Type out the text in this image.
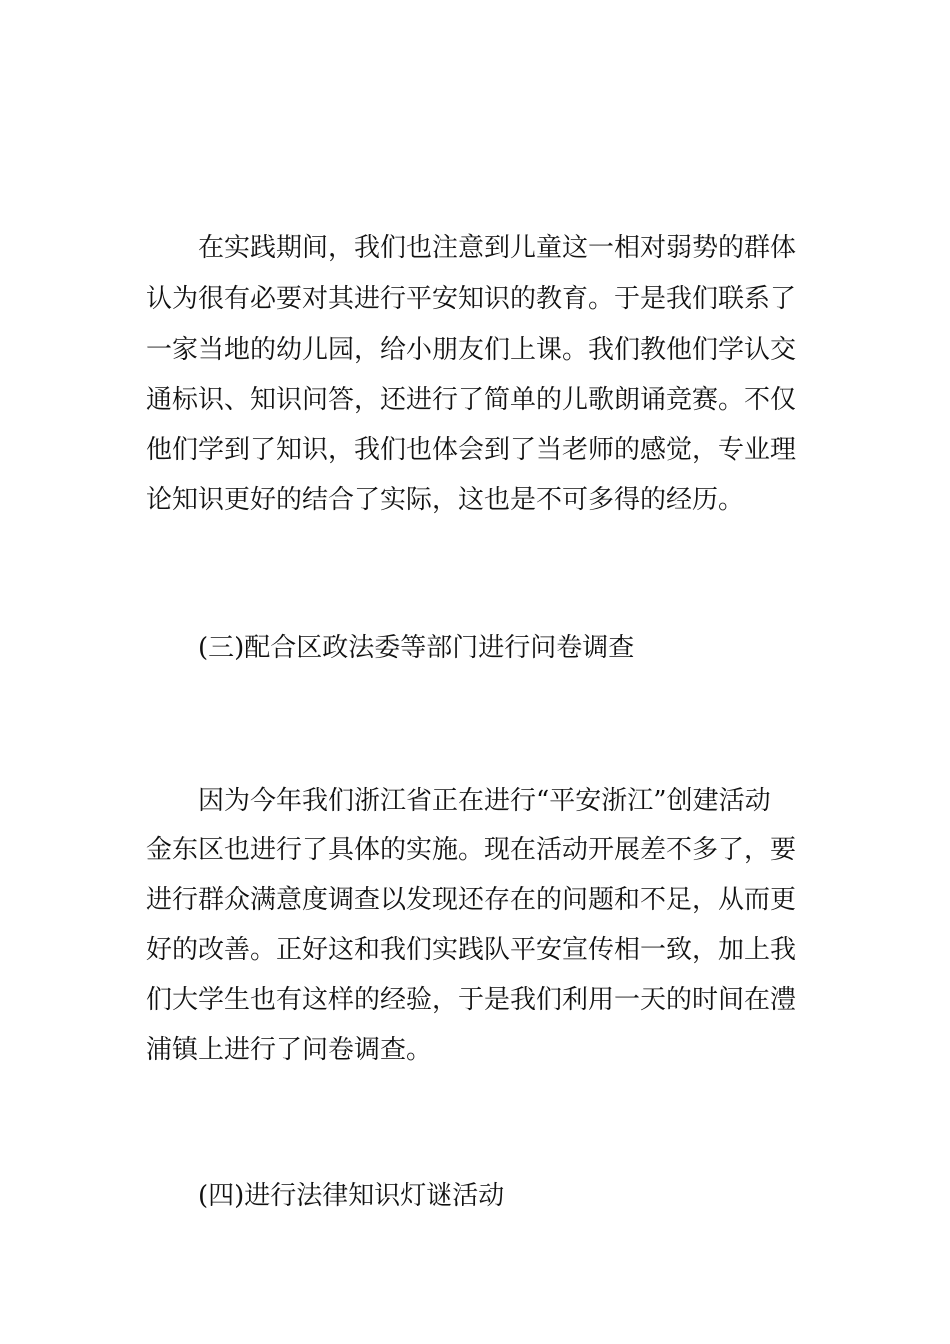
在实践期间，我们也注意到儿童这一相对弱势的群体
认为很有必要对其进行平安知识的教育。于是我们联系了
一家当地的幼儿园，给小朋友们上课。我们教他们学认交
通标识、知识问答，还进行了简单的儿歌朗诵竞赛。不仅
他们学到了知识，我们也体会到了当老师的感觉，专业理
论知识更好的结合了实际，这也是不可多得的经历。
(三)配合区政法委等部门进行问卷调查
因为今年我们浙江省正在进行“平安浙江”创建活动
金东区也进行了具体的实施。现在活动开展差不多了，要
进行群众满意度调查以发现还存在的问题和不足，从而更
好的改善。正好这和我们实践队平安宣传相一致，加上我
们大学生也有这样的经验，于是我们利用一天的时间在澧
浦镇上进行了问卷调查。
(四)进行法律知识灯谜活动
